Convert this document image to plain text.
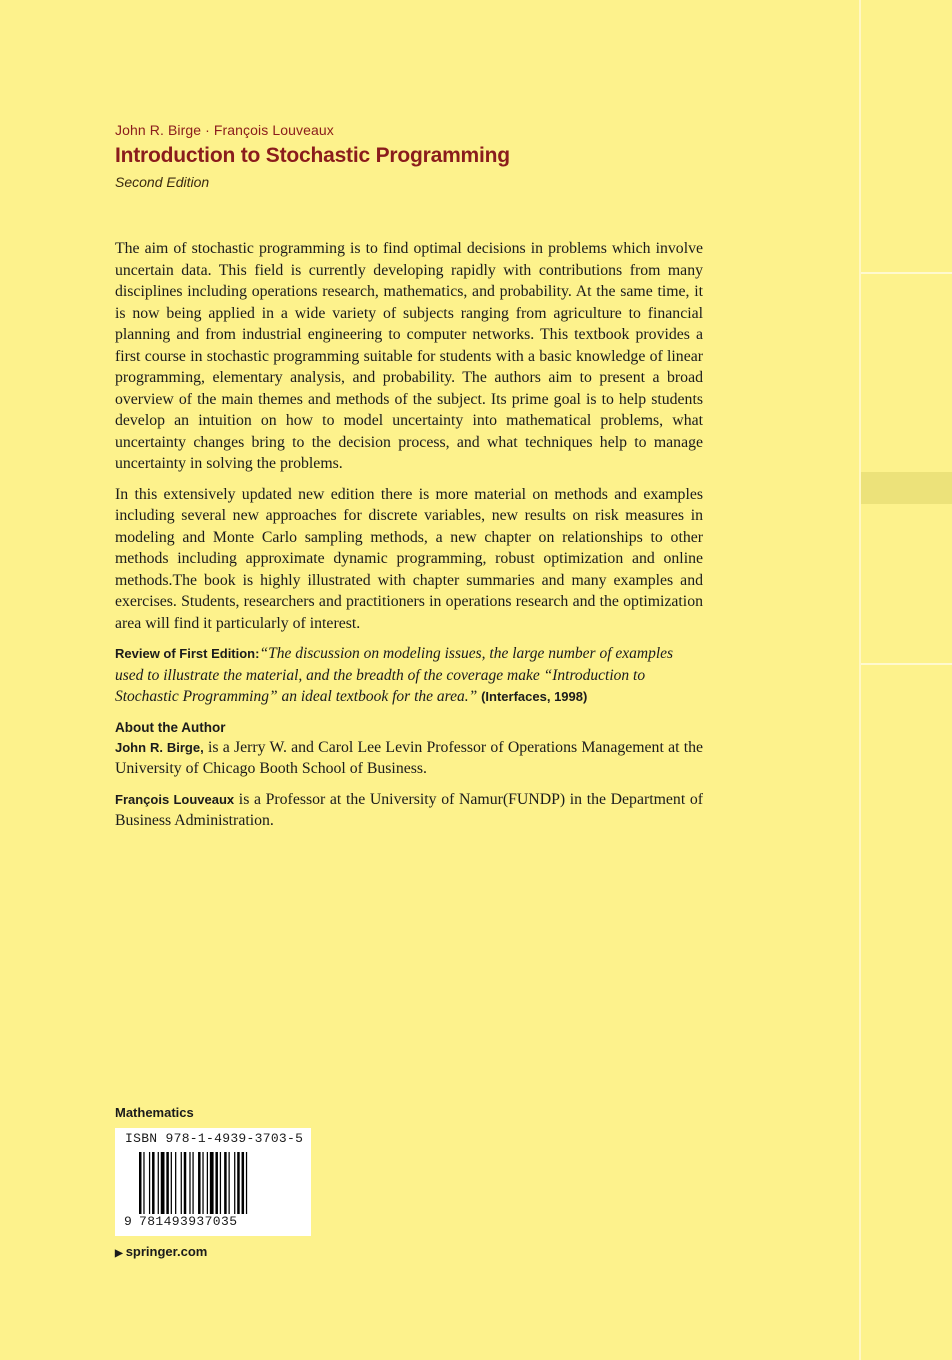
John R. Birge · François Louveaux

Introduction to Stochastic Programming

Second Edition

The aim of stochastic programming is to find optimal decisions in problems which involve uncertain data. This field is currently developing rapidly with contributions from many disciplines including operations research, mathematics, and probability. At the same time, it is now being applied in a wide variety of subjects ranging from agriculture to financial planning and from industrial engineering to computer networks. This textbook provides a first course in stochastic programming suitable for students with a basic knowledge of linear programming, elementary analysis, and probability. The authors aim to present a broad overview of the main themes and methods of the subject. Its prime goal is to help students develop an intuition on how to model uncertainty into mathematical problems, what uncertainty changes bring to the decision process, and what techniques help to manage uncertainty in solving the problems.

In this extensively updated new edition there is more material on methods and examples including several new approaches for discrete variables, new results on risk measures in modeling and Monte Carlo sampling methods, a new chapter on relationships to other methods including approximate dynamic programming, robust optimization and online methods.The book is highly illustrated with chapter summaries and many examples and exercises. Students, researchers and practitioners in operations research and the optimization area will find it particularly of interest.

Review of First Edition:“The discussion on modeling issues, the large number of examples used to illustrate the material, and the breadth of the coverage make “Introduction to Stochastic Programming” an ideal textbook for the area.” (Interfaces, 1998)

About the Author

John R. Birge, is a Jerry W. and Carol Lee Levin Professor of Operations Management at the University of Chicago Booth School of Business.

François Louveaux is a Professor at the University of Namur(FUNDP) in the Department of Business Administration.

Mathematics
ISBN 978-1-4939-3703-5
9 781493937035
▶ springer.com
